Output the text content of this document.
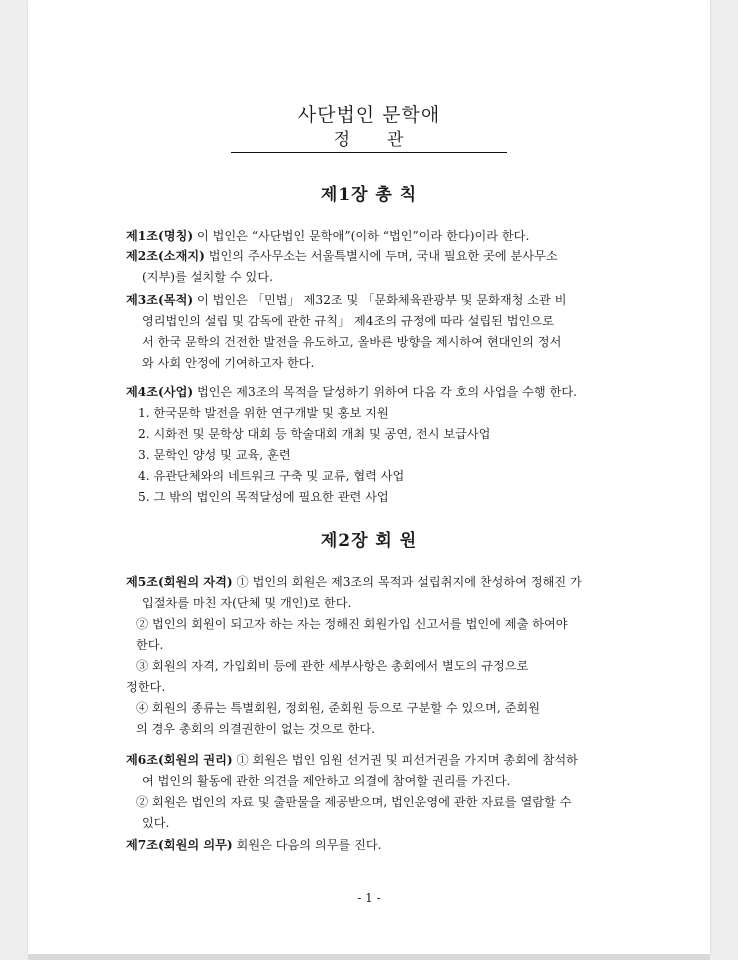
사단법인 문학애
정　　관
제1장 총 칙
제1조(명칭) 이 법인은 “사단법인 문학애”(이하 “법인”이라 한다)이라 한다.
제2조(소재지) 법인의 주사무소는 서울특별시에 두며, 국내 필요한 곳에 분사무소
(지부)를 설치할 수 있다.
제3조(목적) 이 법인은 「민법」 제32조 및 「문화체육관광부 및 문화재청 소관 비
영리법인의 설립 및 감독에 관한 규칙」 제4조의 규정에 따라 설립된 법인으로
서 한국 문학의 건전한 발전을 유도하고, 올바른 방향을 제시하여 현대인의 정서
와 사회 안정에 기여하고자 한다.
제4조(사업) 법인은 제3조의 목적을 달성하기 위하여 다음 각 호의 사업을 수행 한다.
1. 한국문학 발전을 위한 연구개발 및 홍보 지원
2. 시화전 및 문학상 대회 등 학술대회 개최 및 공연, 전시 보급사업
3. 문학인 양성 및 교육, 훈련
4. 유관단체와의 네트워크 구축 및 교류, 협력 사업
5. 그 밖의 법인의 목적달성에 필요한 관련 사업
제2장 회 원
제5조(회원의 자격) ① 법인의 회원은 제3조의 목적과 설립취지에 찬성하여 정해진 가
입절차를 마친 자(단체 및 개인)로 한다.
② 법인의 회원이 되고자 하는 자는 정해진 회원가입 신고서를 법인에 제출 하여야
한다.
③ 회원의 자격, 가입회비 등에 관한 세부사항은 총회에서 별도의 규정으로
정한다.
④ 회원의 종류는 특별회원, 정회원, 준회원 등으로 구분할 수 있으며, 준회원
의 경우 총회의 의결권한이 없는 것으로 한다.
제6조(회원의 권리) ① 회원은 법인 임원 선거권 및 피선거권을 가지며 총회에 참석하
여 법인의 활동에 관한 의견을 제안하고 의결에 참여할 권리를 가진다.
② 회원은 법인의 자료 및 출판물을 제공받으며, 법인운영에 관한 자료를 열람할 수
있다.
제7조(회원의 의무) 회원은 다음의 의무를 진다.
- 1 -
